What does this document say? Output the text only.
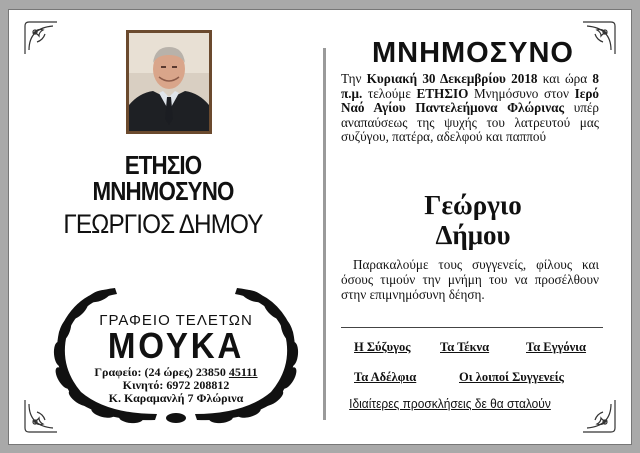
ΕΤΗΣΙΟ
ΜΝΗΜΟΣΥΝΟ
ΓΕΩΡΓΙΟΣ ΔΗΜΟΥ
ΓΡΑΦΕΙΟ ΤΕΛΕΤΩΝ
ΜΟΥΚΑ
Γραφείο: (24 ώρες) 23850 45111
Κινητό: 6972 208812
Κ. Καραμανλή 7 Φλώρινα
ΜΝΗΜΟΣΥΝΟ
Την Κυριακή 30 Δεκεμβρίου 2018 και ώρα 8 π.μ. τελούμε ΕΤΗΣΙΟ Μνημόσυνο στον Ιερό Ναό Αγίου Παντελεήμονα Φλώρινας υπέρ αναπαύσεως της ψυχής του λατρευτού μας συζύγου, πατέρα, αδελφού και παππού
Γεώργιο
Δήμου
Παρακαλούμε τους συγγενείς, φίλους και όσους τιμούν την μνήμη του να προσέλθουν στην επιμνημόσυνη δέηση.
Η Σύζυγος Τα Τέκνα	Τα Εγγόνια
Τα Αδέλφια	Οι λοιποί Συγγενείς
Ιδιαίτερες προσκλήσεις δε θα σταλούν
